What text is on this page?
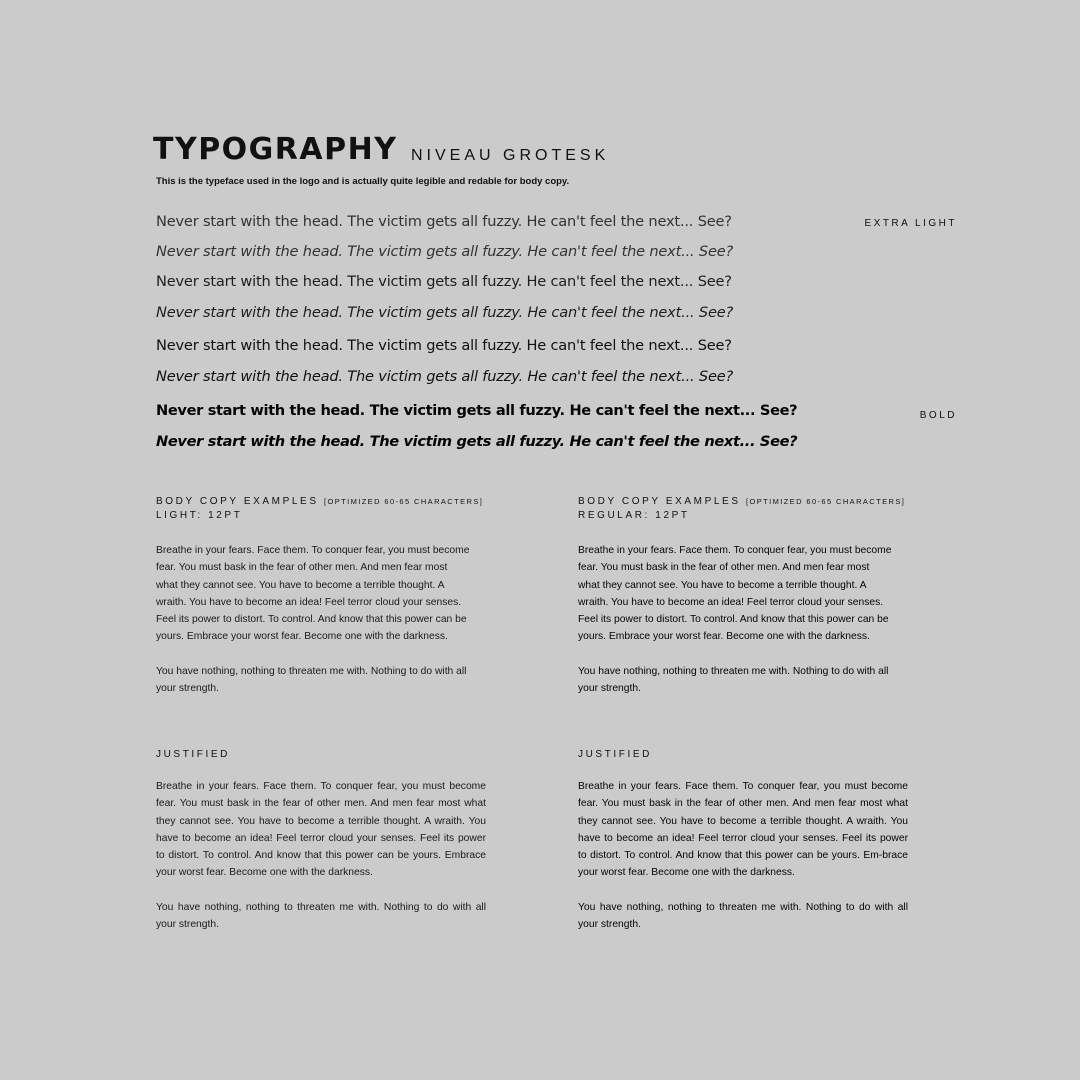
TYPOGRAPHY NIVEAU GROTESK
This is the typeface used in the logo and is actually quite legible and redable for body copy.
Never start with the head. The victim gets all fuzzy. He can't feel the next... See?
Never start with the head. The victim gets all fuzzy. He can't feel the next... See?
Never start with the head. The victim gets all fuzzy. He can't feel the next... See?
Never start with the head. The victim gets all fuzzy. He can't feel the next... See?
Never start with the head. The victim gets all fuzzy. He can't feel the next... See?
Never start with the head. The victim gets all fuzzy. He can't feel the next... See?
Never start with the head. The victim gets all fuzzy. He can't feel the next... See?
Never start with the head. The victim gets all fuzzy. He can't feel the next... See?
EXTRA LIGHT
BOLD
BODY COPY EXAMPLES [OPTIMIZED 60-65 CHARACTERS]
LIGHT: 12PT

Breathe in your fears. Face them. To conquer fear, you must become fear. You must bask in the fear of other men. And men fear most what they cannot see. You have to become a terrible thought. A wraith. You have to become an idea! Feel terror cloud your senses. Feel its power to distort. To control. And know that this power can be yours. Embrace your worst fear. Become one with the darkness.

You have nothing, nothing to threaten me with. Nothing to do with all your strength.

JUSTIFIED

Breathe in your fears. Face them. To conquer fear, you must become fear. You must bask in the fear of other men. And men fear most what they cannot see. You have to become a terrible thought. A wraith. You have to become an idea! Feel terror cloud your senses. Feel its power to distort. To control. And know that this power can be yours. Embrace your worst fear. Become one with the darkness.

You have nothing, nothing to threaten me with. Nothing to do with all your strength.

BODY COPY EXAMPLES [OPTIMIZED 60-65 CHARACTERS]
REGULAR: 12PT

Breathe in your fears. Face them. To conquer fear, you must become fear. You must bask in the fear of other men. And men fear most what they cannot see. You have to become a terrible thought. A wraith. You have to become an idea! Feel terror cloud your senses. Feel its power to distort. To control. And know that this power can be yours. Embrace your worst fear. Become one with the darkness.

You have nothing, nothing to threaten me with. Nothing to do with all your strength.

JUSTIFIED

Breathe in your fears. Face them. To conquer fear, you must become fear. You must bask in the fear of other men. And men fear most what they cannot see. You have to become a terrible thought. A wraith. You have to become an idea! Feel terror cloud your senses. Feel its power to distort. To control. And know that this power can be yours. Em-brace your worst fear. Become one with the darkness.

You have nothing, nothing to threaten me with. Nothing to do with all your strength.
